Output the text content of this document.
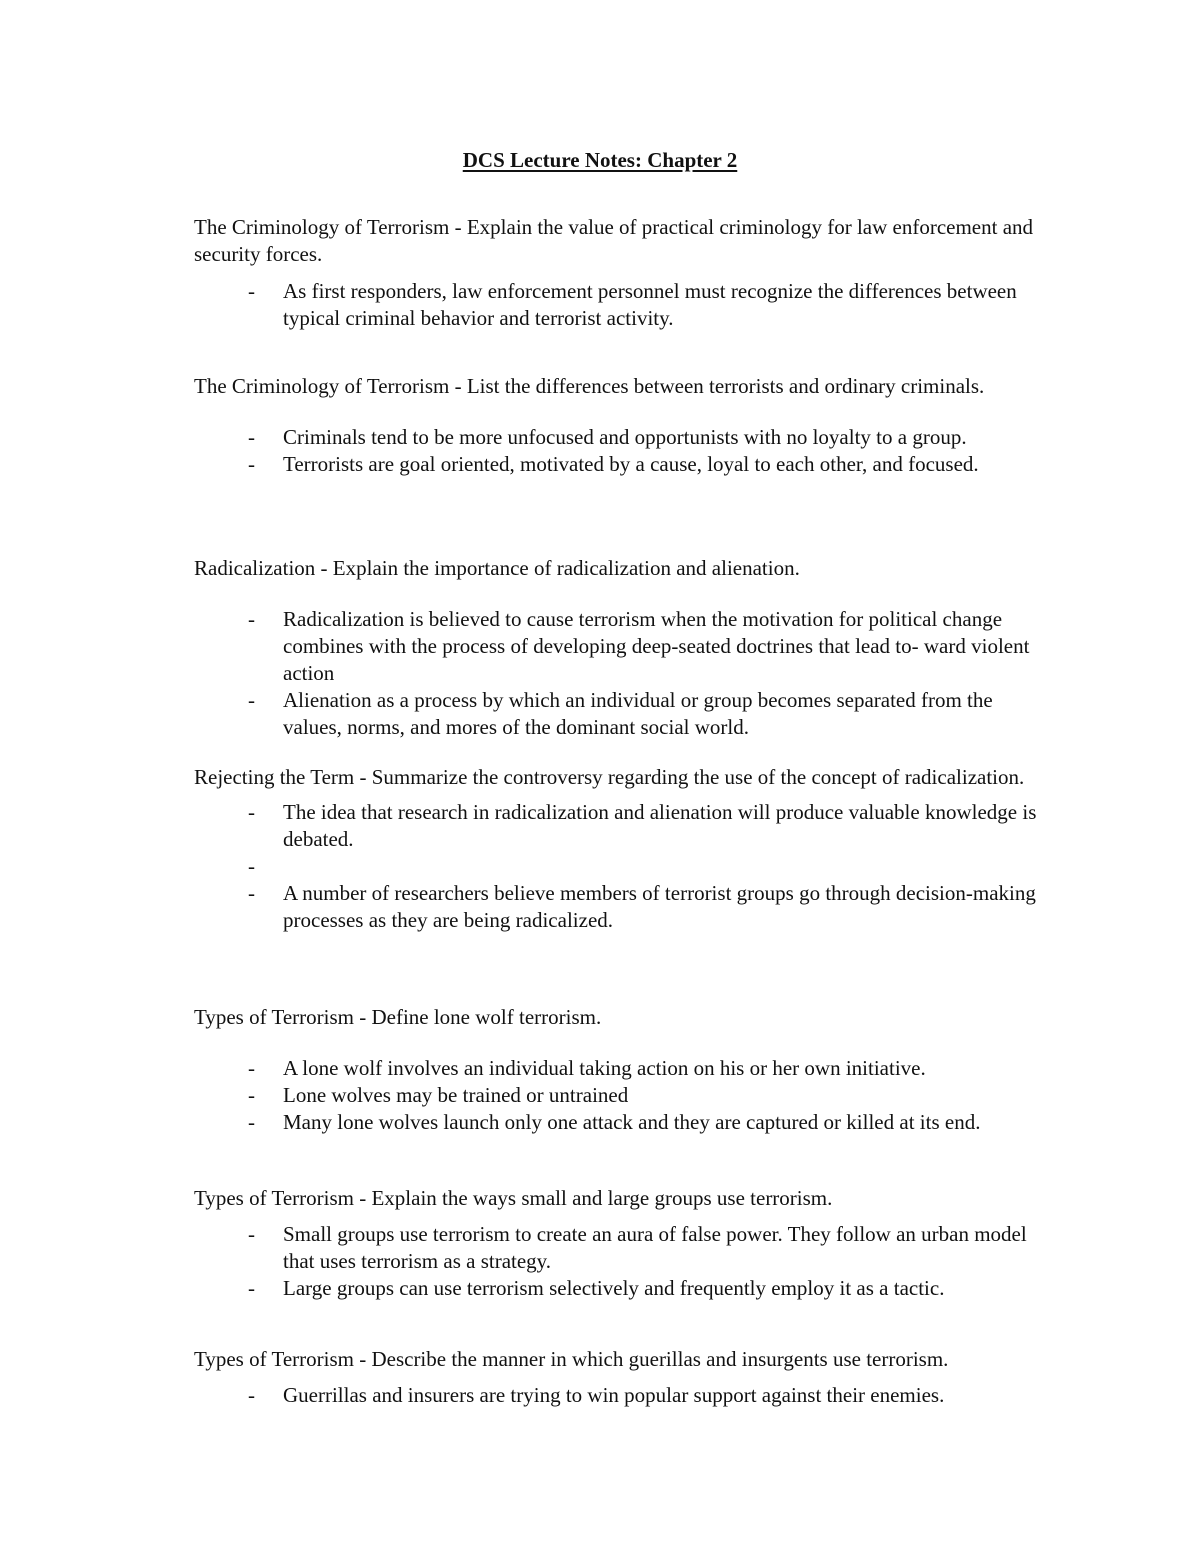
DCS Lecture Notes: Chapter 2

The Criminology of Terrorism - Explain the value of practical criminology for law enforcement and security forces.

- As first responders, law enforcement personnel must recognize the differences between typical criminal behavior and terrorist activity.

The Criminology of Terrorism - List the differences between terrorists and ordinary criminals.

- Criminals tend to be more unfocused and opportunists with no loyalty to a group.
- Terrorists are goal oriented, motivated by a cause, loyal to each other, and focused.

Radicalization - Explain the importance of radicalization and alienation.

- Radicalization is believed to cause terrorism when the motivation for political change combines with the process of developing deep-seated doctrines that lead to- ward violent action
- Alienation as a process by which an individual or group becomes separated from the values, norms, and mores of the dominant social world.

Rejecting the Term - Summarize the controversy regarding the use of the concept of radicalization.

- The idea that research in radicalization and alienation will produce valuable knowledge is debated.
-

- A number of researchers believe members of terrorist groups go through decision-making processes as they are being radicalized.

Types of Terrorism - Define lone wolf terrorism.

- A lone wolf involves an individual taking action on his or her own initiative.
- Lone wolves may be trained or untrained
- Many lone wolves launch only one attack and they are captured or killed at its end.

Types of Terrorism - Explain the ways small and large groups use terrorism.

- Small groups use terrorism to create an aura of false power. They follow an urban model that uses terrorism as a strategy.
- Large groups can use terrorism selectively and frequently employ it as a tactic.

Types of Terrorism - Describe the manner in which guerillas and insurgents use terrorism.

- Guerrillas and insurers are trying to win popular support against their enemies.
